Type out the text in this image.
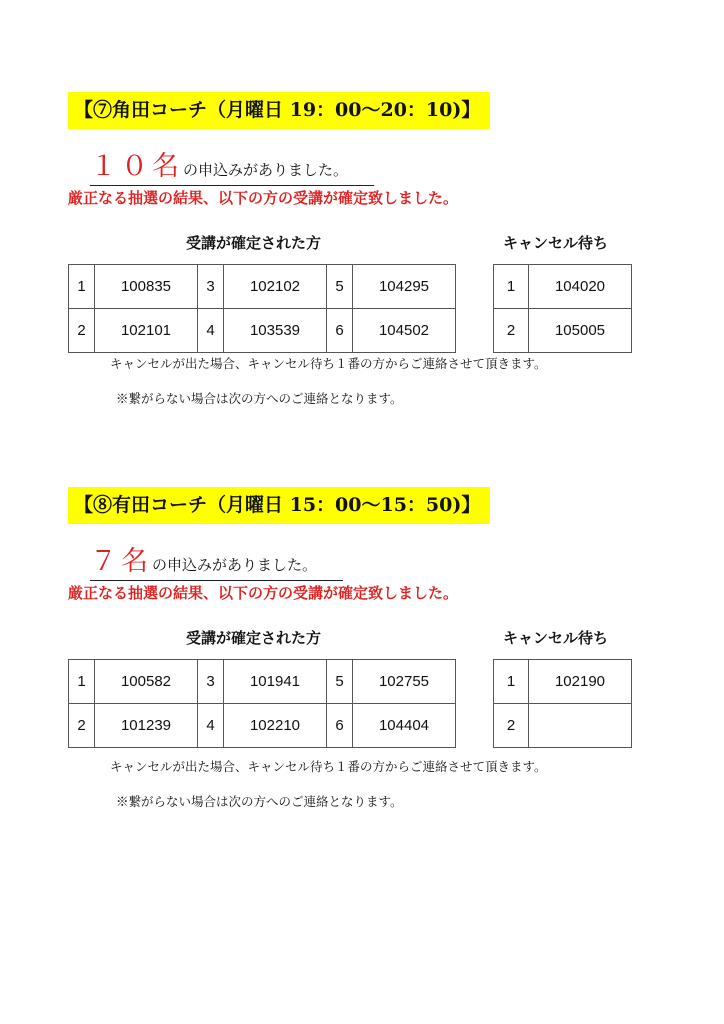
【⑦角田コーチ（月曜日 19：00～20：10)】
１０名の申込みがありました。
厳正なる抽選の結果、以下の方の受講が確定致しました。
受講が確定された方	キャンセル待ち
1	100835	3	102102	5	104295
2	102101	4	103539	6	104502
1	104020
2	105005
キャンセルが出た場合、キャンセル待ち１番の方からご連絡させて頂きます。
※繋がらない場合は次の方へのご連絡となります。
【⑧有田コーチ（月曜日 15：00～15：50)】
７名の申込みがありました。
厳正なる抽選の結果、以下の方の受講が確定致しました。
受講が確定された方	キャンセル待ち
1	100582	3	101941	5	102755
2	101239	4	102210	6	104404
1	102190
2	
キャンセルが出た場合、キャンセル待ち１番の方からご連絡させて頂きます。
※繋がらない場合は次の方へのご連絡となります。
